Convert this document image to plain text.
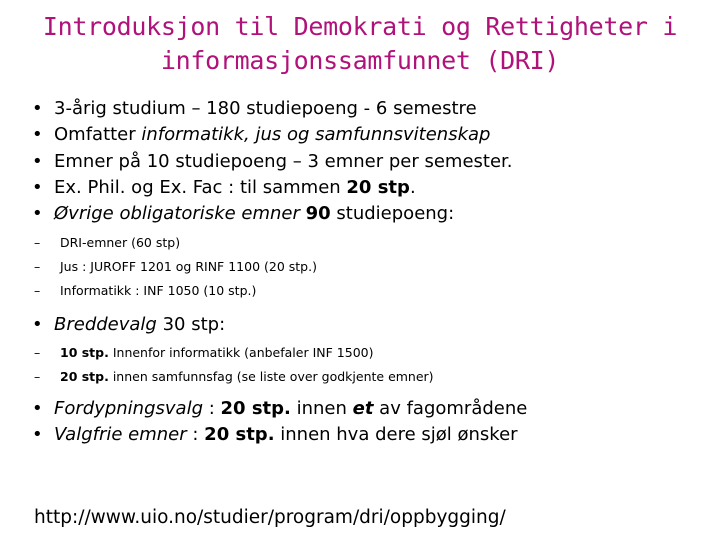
Introduksjon til Demokrati og Rettigheter i
informasjonssamfunnet (DRI)
• 3-årig studium – 180 studiepoeng - 6 semestre
• Omfatter informatikk, jus og samfunnsvitenskap
• Emner på 10 studiepoeng – 3 emner per semester.
• Ex. Phil. og Ex. Fac : til sammen 20 stp.
• Øvrige obligatoriske emner 90 studiepoeng:
– DRI-emner (60 stp)
– Jus : JUROFF 1201 og RINF 1100 (20 stp.)
– Informatikk : INF 1050 (10 stp.)
• Breddevalg 30 stp:
– 10 stp. Innenfor informatikk (anbefaler INF 1500)
– 20 stp. innen samfunnsfag (se liste over godkjente emner)
• Fordypningsvalg : 20 stp. innen et av fagområdene
• Valgfrie emner : 20 stp. innen hva dere sjøl ønsker
http://www.uio.no/studier/program/dri/oppbygging/
